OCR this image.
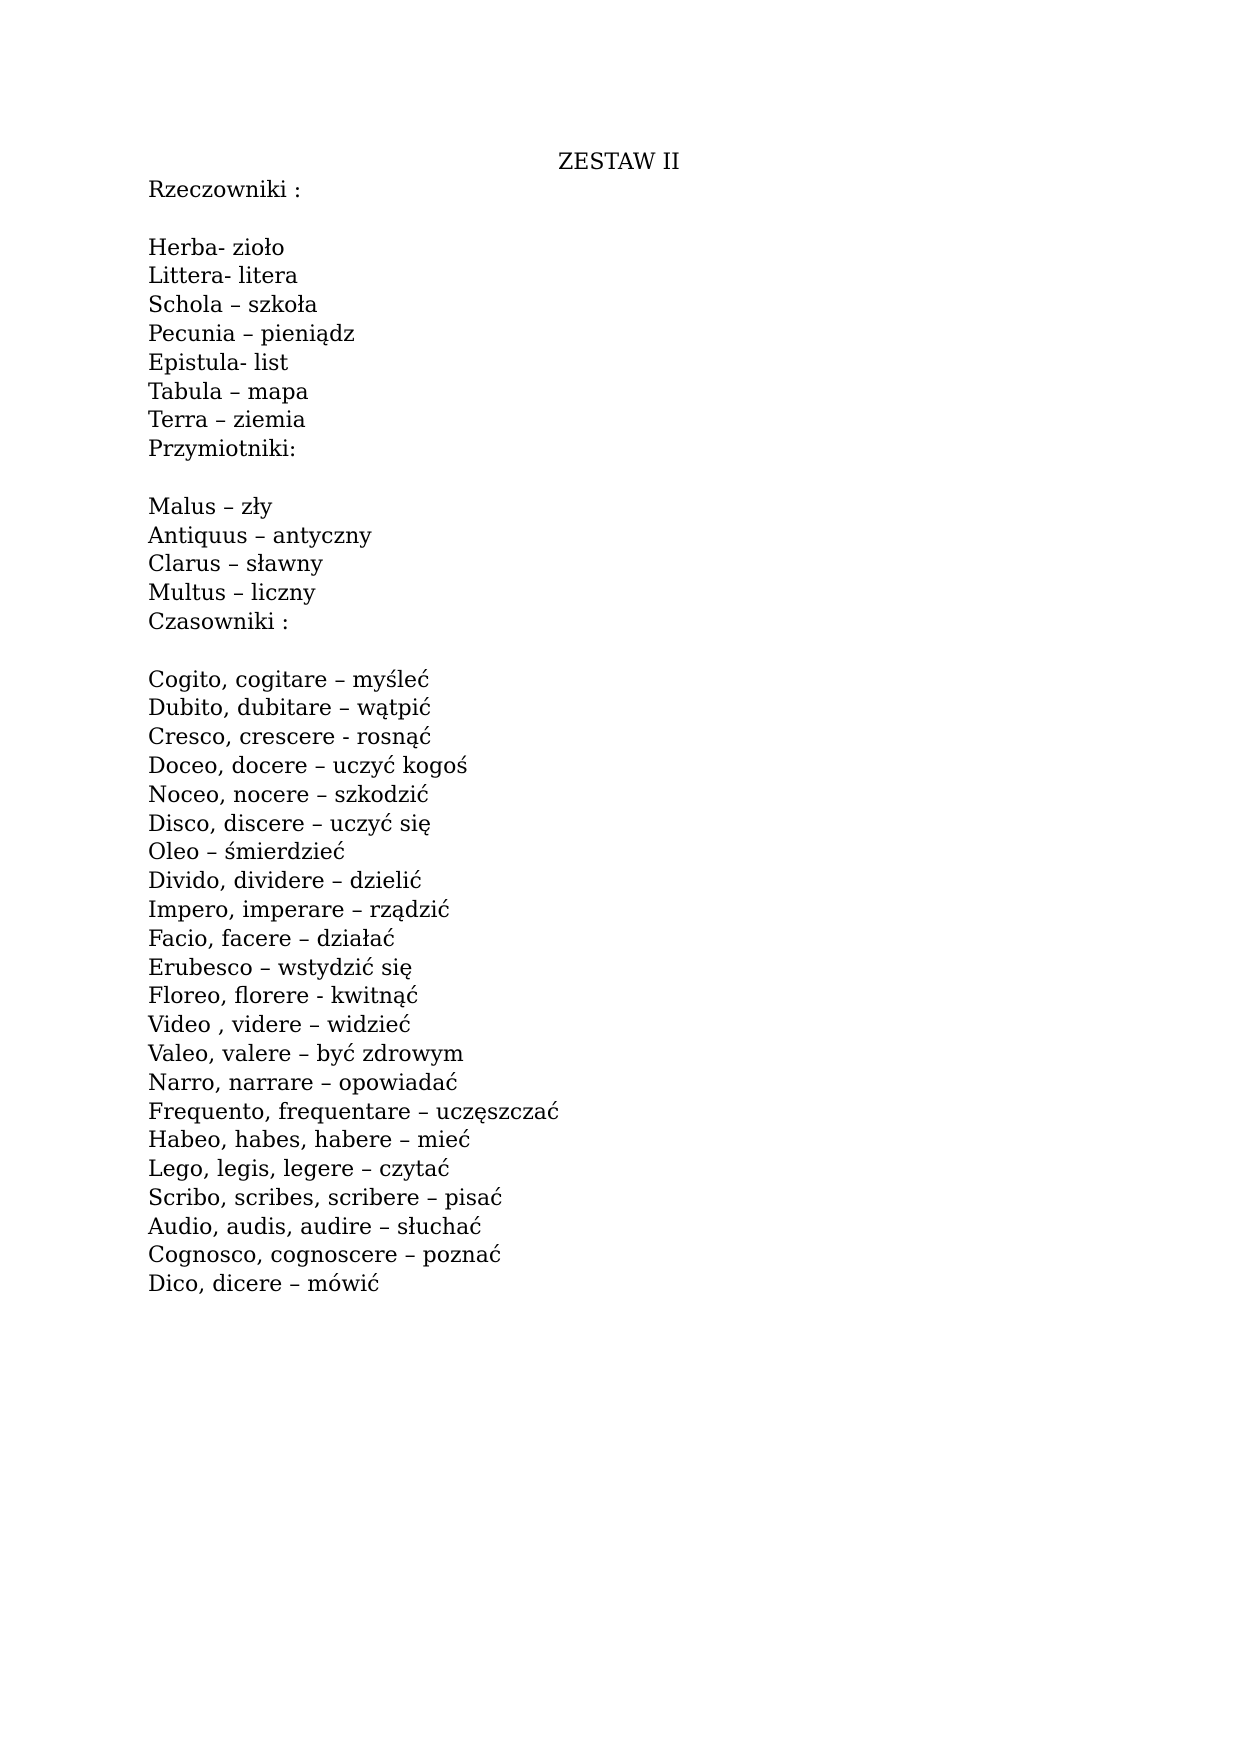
ZESTAW II
Rzeczowniki :
Herba- zioło
Littera- litera
Schola – szkoła
Pecunia – pieniądz
Epistula- list
Tabula – mapa
Terra – ziemia
Przymiotniki:
Malus – zły
Antiquus – antyczny
Clarus – sławny
Multus – liczny
Czasowniki :
Cogito, cogitare – myśleć
Dubito, dubitare – wątpić
Cresco, crescere - rosnąć
Doceo, docere – uczyć kogoś
Noceo, nocere – szkodzić
Disco, discere – uczyć się
Oleo – śmierdzieć
Divido, dividere – dzielić
Impero, imperare – rządzić
Facio, facere – działać
Erubesco – wstydzić się
Floreo, florere - kwitnąć
Video , videre – widzieć
Valeo, valere – być zdrowym
Narro, narrare – opowiadać
Frequento, frequentare – uczęszczać
Habeo, habes, habere – mieć
Lego, legis, legere – czytać
Scribo, scribes, scribere – pisać
Audio, audis, audire – słuchać
Cognosco, cognoscere – poznać
Dico, dicere – mówić
